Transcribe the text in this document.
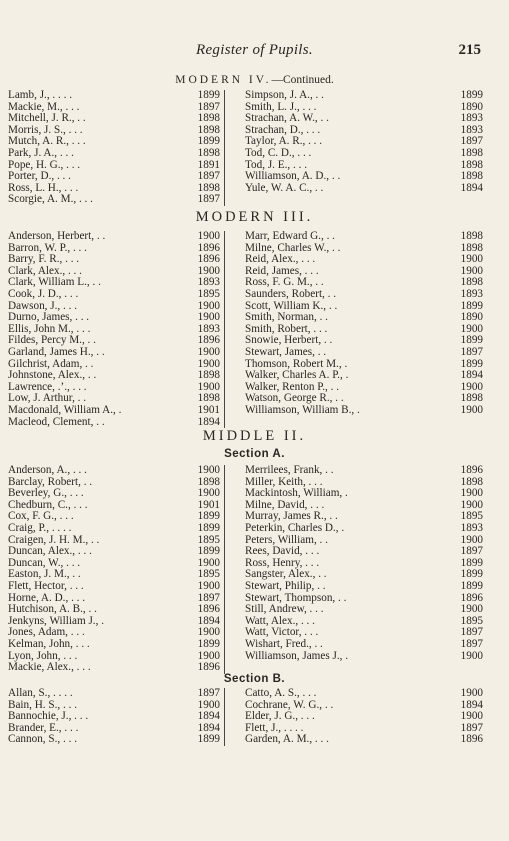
Register of Pupils.	215
MODERN IV.—Continued.
Lamb, J., . . . .	1899
Mackie, M., . . .	1897
Mitchell, J. R., . .	1898
Morris, J. S., . . .	1898
Mutch, A. R., . . .	1899
Park, J. A., . . .	1898
Pope, H. G., . . .	1891
Porter, D., . . .	1897
Ross, L. H., . . .	1898
Scorgie, A. M., . . .	1897
Simpson, J. A., . .	1899
Smith, L. J., . . .	1890
Strachan, A. W., . .	1893
Strachan, D., . . .	1893
Taylor, A. R., . . .	1897
Tod, C. D., . . .	1898
Tod, J. E., . . .	1898
Williamson, A. D., . .	1898
Yule, W. A. C., . .	1894
MODERN III.
Anderson, Herbert, . .	1900
Barron, W. P., . . .	1896
Barry, F. R., . . .	1896
Clark, Alex., . . .	1900
Clark, William L., . .	1893
Cook, J. D., . . .	1895
Dawson, J., . . .	1900
Durno, James, . . .	1900
Ellis, John M., . . .	1893
Fildes, Percy M., . .	1896
Garland, James H., . .	1900
Gilchrist, Adam, . .	1900
Johnstone, Alex., . .	1898
Lawrence, .’., . . .	1900
Low, J. Arthur, . .	1898
Macdonald, William A., .	1901
Macleod, Clement, . .	1894
Marr, Edward G., . .	1898
Milne, Charles W., . .	1898
Reid, Alex., . . .	1900
Reid, James, . . .	1900
Ross, F. G. M., . .	1898
Saunders, Robert, . .	1893
Scott, William K., . .	1899
Smith, Norman, . .	1890
Smith, Robert, . . .	1900
Snowie, Herbert, . .	1899
Stewart, James, . .	1897
Thomson, Robert M., .	1899
Walker, Charles A. P., .	1894
Walker, Renton P., . .	1900
Watson, George R., . .	1898
Williamson, William B., .	1900
MIDDLE II.
Section A.
Anderson, A., . . .	1900
Barclay, Robert, . .	1898
Beverley, G., . . .	1900
Chedburn, C., . . .	1901
Cox, F. G., . . .	1899
Craig, P., . . . .	1899
Craigen, J. H. M., . .	1895
Duncan, Alex., . . .	1899
Duncan, W., . . .	1900
Easton, J. M., . .	1895
Flett, Hector, . . .	1900
Horne, A. D., . . .	1897
Hutchison, A. B., . .	1896
Jenkyns, William J., .	1894
Jones, Adam, . . .	1900
Kelman, John, . . .	1899
Lyon, John, . . .	1900
Mackie, Alex., . . .	1896
Merrilees, Frank, . .	1896
Miller, Keith, . . .	1898
Mackintosh, William, .	1900
Milne, David, . . .	1900
Murray, James R., . .	1895
Peterkin, Charles D., .	1893
Peters, William, . .	1900
Rees, David, . . .	1897
Ross, Henry, . . .	1899
Sangster, Alex., . .	1899
Stewart, Philip, . .	1899
Stewart, Thompson, . .	1896
Still, Andrew, . . .	1900
Watt, Alex., . . .	1895
Watt, Victor, . . .	1897
Wishart, Fred., . .	1897
Williamson, James J., .	1900
Section B.
Allan, S., . . . .	1897
Bain, H. S., . . .	1900
Bannochie, J., . . .	1894
Brander, E., . . .	1894
Cannon, S., . . .	1899
Catto, A. S., . . .	1900
Cochrane, W. G., . .	1894
Elder, J. G., . . .	1900
Flett, J., . . . .	1897
Garden, A. M., . . .	1896
